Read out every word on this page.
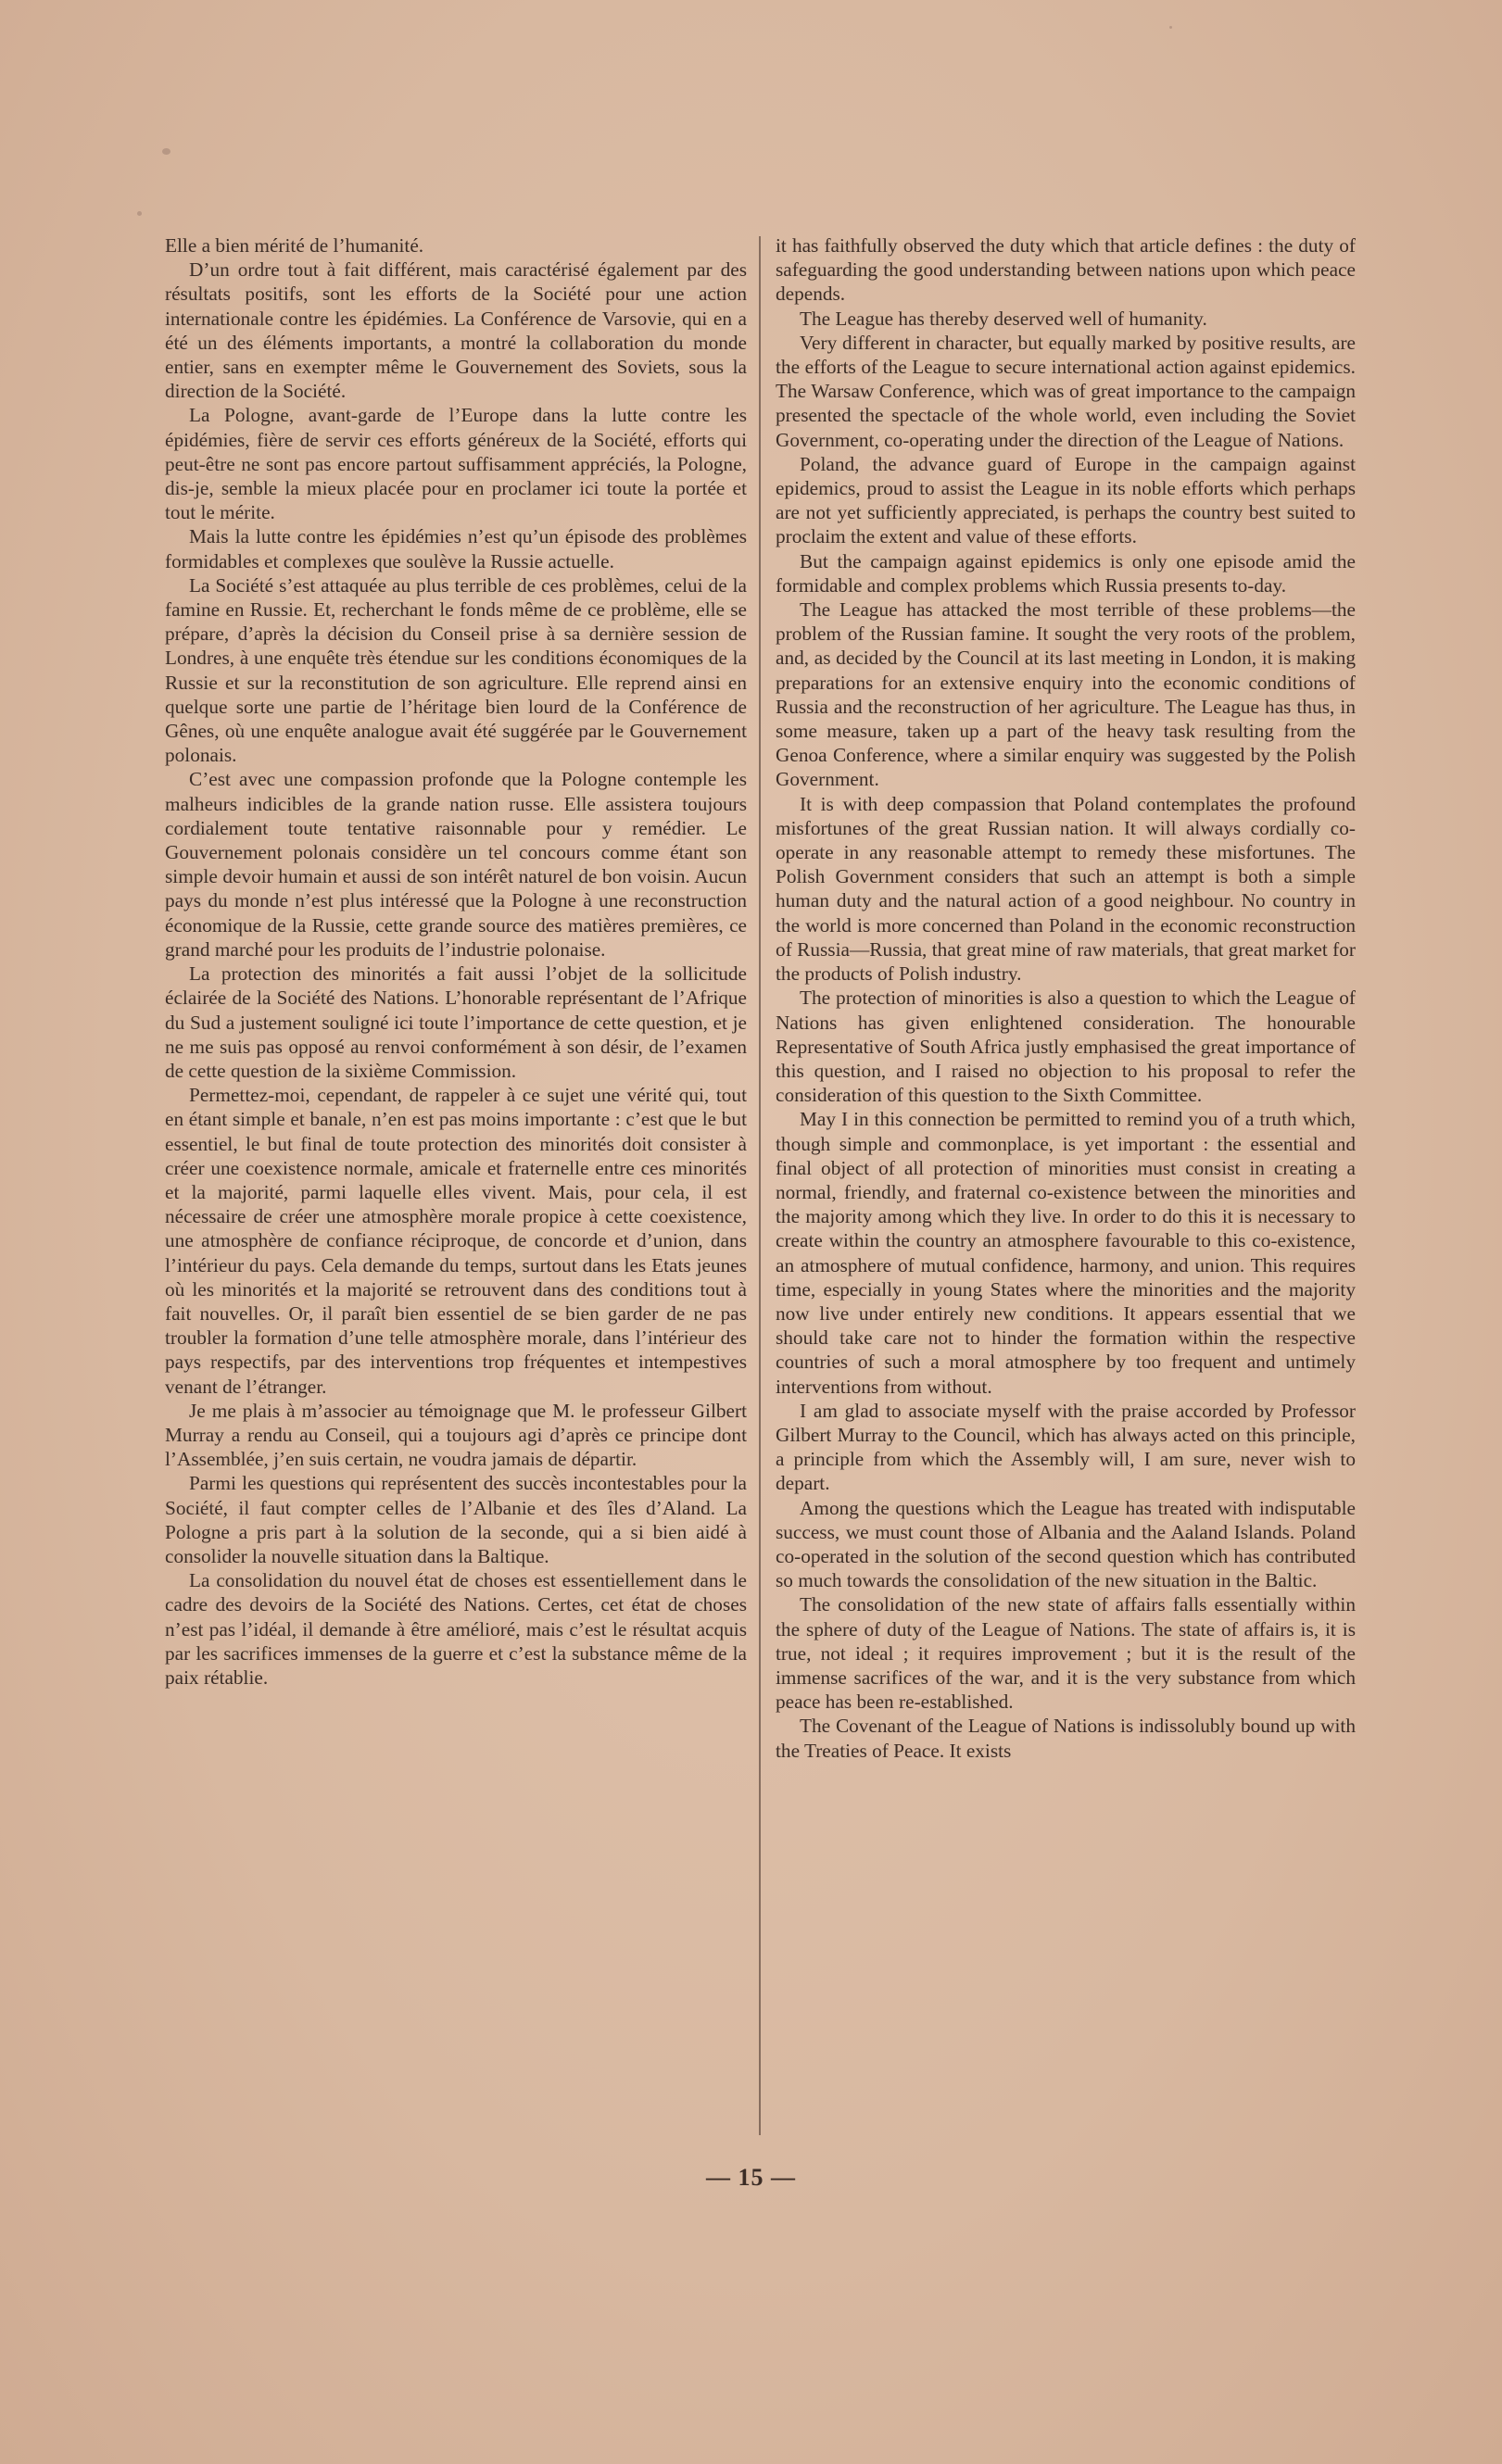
Elle a bien mérité de l’humanité.

D’un ordre tout à fait différent, mais caractérisé également par des résultats positifs, sont les efforts de la Société pour une action internationale contre les épidémies. La Conférence de Varsovie, qui en a été un des éléments importants, a montré la collaboration du monde entier, sans en exempter même le Gouvernement des Soviets, sous la direction de la Société.

La Pologne, avant-garde de l’Europe dans la lutte contre les épidémies, fière de servir ces efforts généreux de la Société, efforts qui peut-être ne sont pas encore partout suffisamment appréciés, la Pologne, dis-je, semble la mieux placée pour en proclamer ici toute la portée et tout le mérite.

Mais la lutte contre les épidémies n’est qu’un épisode des problèmes formidables et complexes que soulève la Russie actuelle.

La Société s’est attaquée au plus terrible de ces problèmes, celui de la famine en Russie. Et, recherchant le fonds même de ce problème, elle se prépare, d’après la décision du Conseil prise à sa dernière session de Londres, à une enquête très étendue sur les conditions économiques de la Russie et sur la reconstitution de son agriculture. Elle reprend ainsi en quelque sorte une partie de l’héritage bien lourd de la Conférence de Gênes, où une enquête analogue avait été suggérée par le Gouvernement polonais.

C’est avec une compassion profonde que la Pologne contemple les malheurs indicibles de la grande nation russe. Elle assistera toujours cordialement toute tentative raisonnable pour y remédier. Le Gouvernement polonais considère un tel concours comme étant son simple devoir humain et aussi de son intérêt naturel de bon voisin. Aucun pays du monde n’est plus intéressé que la Pologne à une reconstruction économique de la Russie, cette grande source des matières premières, ce grand marché pour les produits de l’industrie polonaise.

La protection des minorités a fait aussi l’objet de la sollicitude éclairée de la Société des Nations. L’honorable représentant de l’Afrique du Sud a justement souligné ici toute l’importance de cette question, et je ne me suis pas opposé au renvoi conformément à son désir, de l’examen de cette question de la sixième Commission.

Permettez-moi, cependant, de rappeler à ce sujet une vérité qui, tout en étant simple et banale, n’en est pas moins importante : c’est que le but essentiel, le but final de toute protection des minorités doit consister à créer une coexistence normale, amicale et fraternelle entre ces minorités et la majorité, parmi laquelle elles vivent. Mais, pour cela, il est nécessaire de créer une atmosphère morale propice à cette coexistence, une atmosphère de confiance réciproque, de concorde et d’union, dans l’intérieur du pays. Cela demande du temps, surtout dans les Etats jeunes où les minorités et la majorité se retrouvent dans des conditions tout à fait nouvelles. Or, il paraît bien essentiel de se bien garder de ne pas troubler la formation d’une telle atmosphère morale, dans l’intérieur des pays respectifs, par des interventions trop fréquentes et intempestives venant de l’étranger.

Je me plais à m’associer au témoignage que M. le professeur Gilbert Murray a rendu au Conseil, qui a toujours agi d’après ce principe dont l’Assemblée, j’en suis certain, ne voudra jamais de départir.

Parmi les questions qui représentent des succès incontestables pour la Société, il faut compter celles de l’Albanie et des îles d’Aland. La Pologne a pris part à la solution de la seconde, qui a si bien aidé à consolider la nouvelle situation dans la Baltique.

La consolidation du nouvel état de choses est essentiellement dans le cadre des devoirs de la Société des Nations. Certes, cet état de choses n’est pas l’idéal, il demande à être amélioré, mais c’est le résultat acquis par les sacrifices immenses de la guerre et c’est la substance même de la paix rétablie.

it has faithfully observed the duty which that article defines : the duty of safeguarding the good understanding between nations upon which peace depends.

The League has thereby deserved well of humanity.

Very different in character, but equally marked by positive results, are the efforts of the League to secure international action against epidemics. The Warsaw Conference, which was of great importance to the campaign presented the spectacle of the whole world, even including the Soviet Government, co-operating under the direction of the League of Nations.

Poland, the advance guard of Europe in the campaign against epidemics, proud to assist the League in its noble efforts which perhaps are not yet sufficiently appreciated, is perhaps the country best suited to proclaim the extent and value of these efforts.

But the campaign against epidemics is only one episode amid the formidable and complex problems which Russia presents to-day.

The League has attacked the most terrible of these problems—the problem of the Russian famine. It sought the very roots of the problem, and, as decided by the Council at its last meeting in London, it is making preparations for an extensive enquiry into the economic conditions of Russia and the reconstruction of her agriculture. The League has thus, in some measure, taken up a part of the heavy task resulting from the Genoa Conference, where a similar enquiry was suggested by the Polish Government.

It is with deep compassion that Poland contemplates the profound misfortunes of the great Russian nation. It will always cordially co-operate in any reasonable attempt to remedy these misfortunes. The Polish Government considers that such an attempt is both a simple human duty and the natural action of a good neighbour. No country in the world is more concerned than Poland in the economic reconstruction of Russia—Russia, that great mine of raw materials, that great market for the products of Polish industry.

The protection of minorities is also a question to which the League of Nations has given enlightened consideration. The honourable Representative of South Africa justly emphasised the great importance of this question, and I raised no objection to his proposal to refer the consideration of this question to the Sixth Committee.

May I in this connection be permitted to remind you of a truth which, though simple and commonplace, is yet important : the essential and final object of all protection of minorities must consist in creating a normal, friendly, and fraternal co-existence between the minorities and the majority among which they live. In order to do this it is necessary to create within the country an atmosphere favourable to this co-existence, an atmosphere of mutual confidence, harmony, and union. This requires time, especially in young States where the minorities and the majority now live under entirely new conditions. It appears essential that we should take care not to hinder the formation within the respective countries of such a moral atmosphere by too frequent and untimely interventions from without.

I am glad to associate myself with the praise accorded by Professor Gilbert Murray to the Council, which has always acted on this principle, a principle from which the Assembly will, I am sure, never wish to depart.

Among the questions which the League has treated with indisputable success, we must count those of Albania and the Aaland Islands. Poland co-operated in the solution of the second question which has contributed so much towards the consolidation of the new situation in the Baltic.

The consolidation of the new state of affairs falls essentially within the sphere of duty of the League of Nations. The state of affairs is, it is true, not ideal ; it requires improvement ; but it is the result of the immense sacrifices of the war, and it is the very substance from which peace has been re-established.

The Covenant of the League of Nations is indissolubly bound up with the Treaties of Peace. It exists

— 15 —
